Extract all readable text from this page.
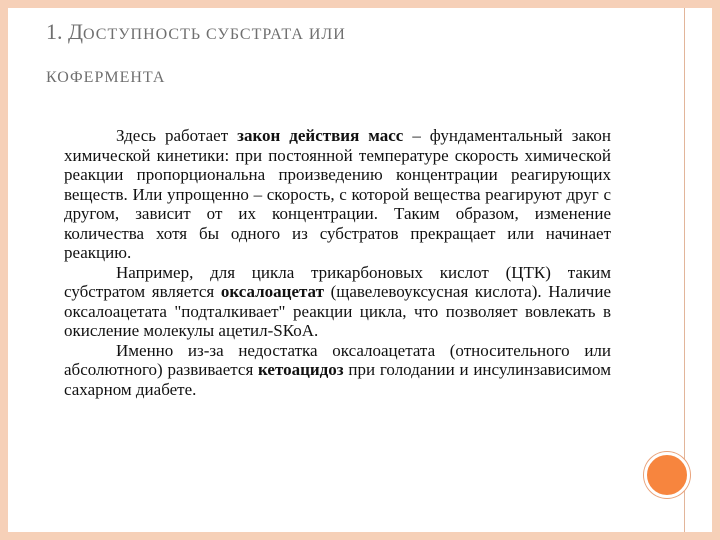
1. ДОСТУПНОСТЬ СУБСТРАТА ИЛИ
КОФЕРМЕНТА

Здесь работает закон действия масс – фундаментальный закон химической кинетики: при постоянной температуре скорость химической реакции пропорциональна произведению концентрации реагирующих веществ. Или упрощенно – скорость, с которой вещества реагируют друг с другом, зависит от их концентрации. Таким образом, изменение количества хотя бы одного из субстратов прекращает или начинает реакцию.

Например, для цикла трикарбоновых кислот (ЦТК) таким субстратом является оксалоацетат (щавелевоуксусная кислота). Наличие оксалоацетата "подталкивает" реакции цикла, что позволяет вовлекать в окисление молекулы ацетил-SКоА.

Именно из-за недостатка оксалоацетата (относительного или абсолютного) развивается кетоацидоз при голодании и инсулинзависимом сахарном диабете.
